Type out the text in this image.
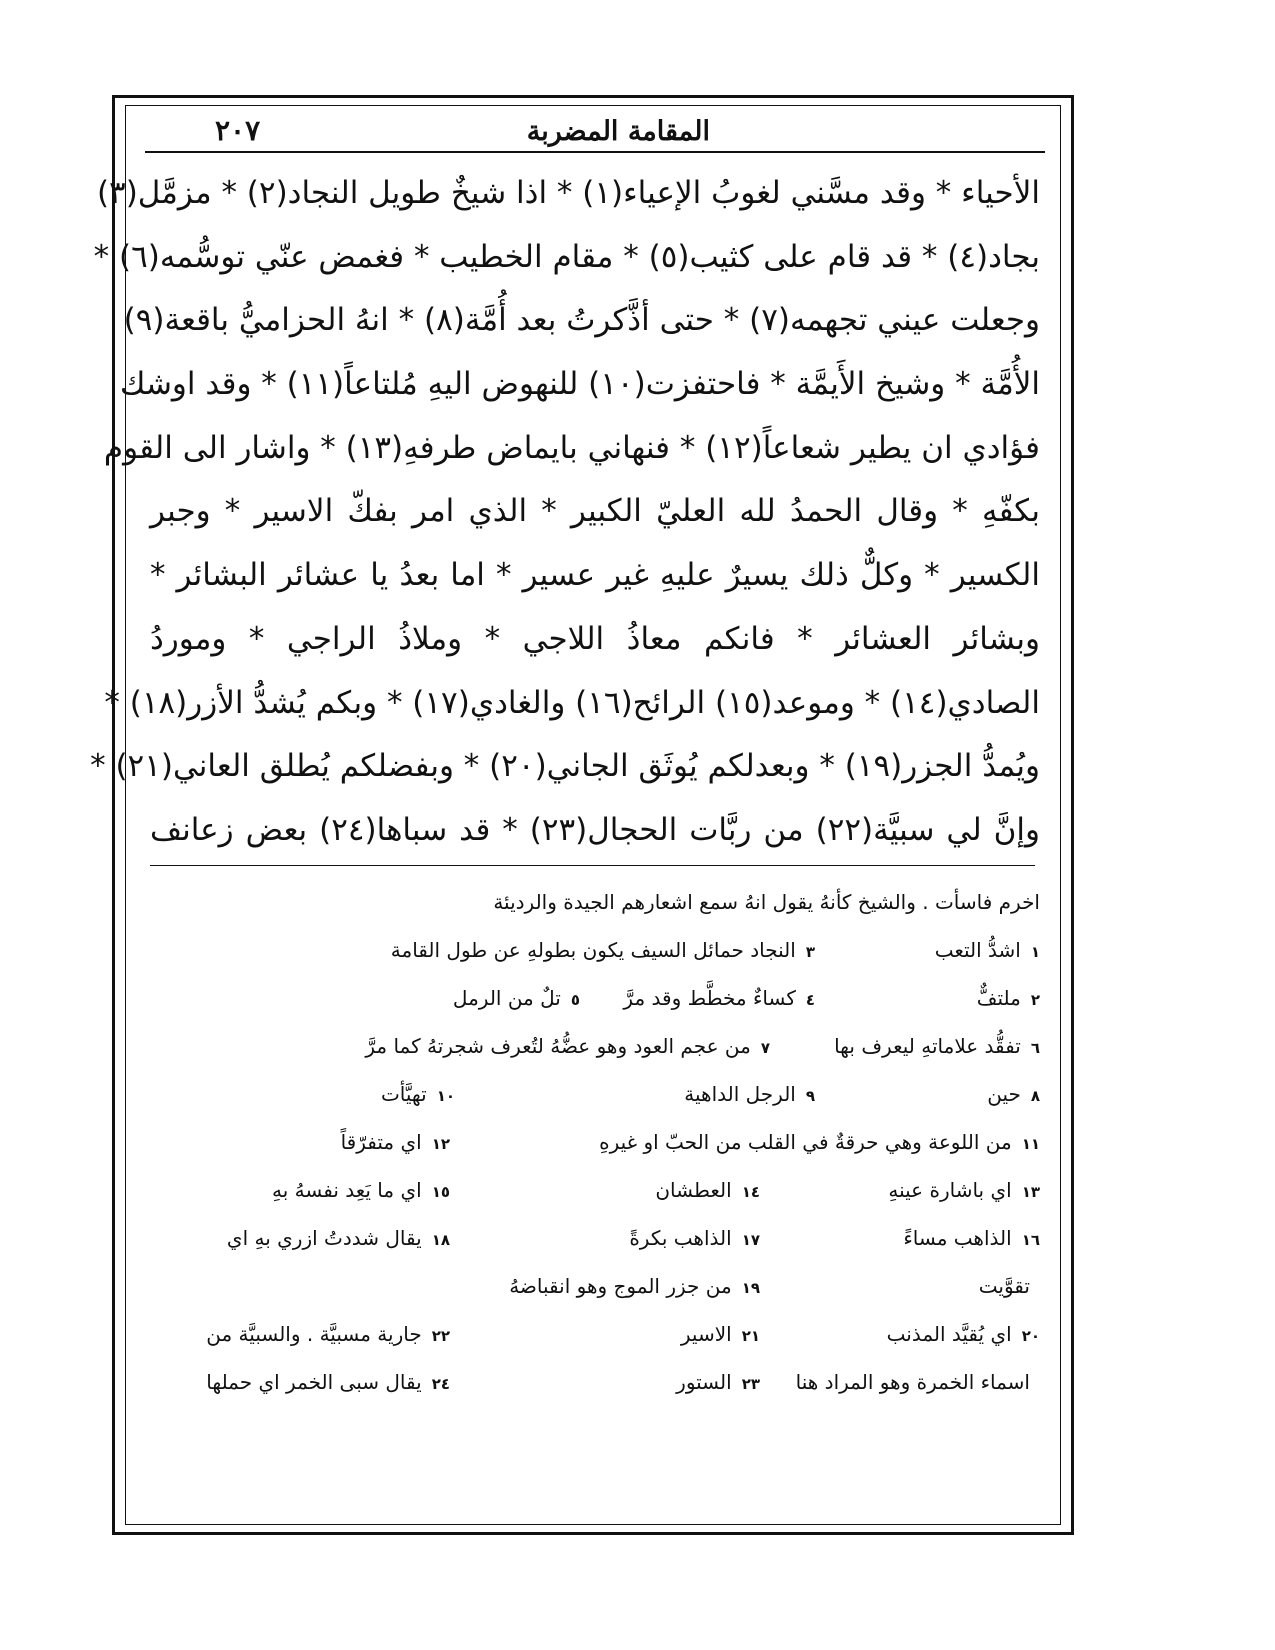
المقامة المضربة
٢٠٧
الأحياء * وقد مسَّني لغوبُ الإعياء(١) * اذا شيخٌ طويل النجاد(٢) * مزمَّل(٣)
بجاد(٤) * قد قام على كثيب(٥) * مقام الخطيب * فغمض عنّي توسُّمه(٦) *
وجعلت عيني تجهمه(٧) * حتى أذَّكرتُ بعد أُمَّة(٨) * انهُ الحزاميُّ باقعة(٩)
الأُمَّة * وشيخ الأَيمَّة * فاحتفزت(١٠) للنهوض اليهِ مُلتاعاً(١١) * وقد اوشك
فؤادي ان يطير شعاعاً(١٢) * فنهاني بايماض طرفهِ(١٣) * واشار الى القوم
بكفّهِ * وقال الحمدُ لله العليّ الكبير * الذي امر بفكّ الاسير * وجبر
الكسير * وكلٌّ ذلك يسيرٌ عليهِ غير عسير * اما بعدُ يا عشائر البشائر *
وبشائر العشائر * فانكم معاذُ اللاجي * وملاذُ الراجي * وموردُ
الصادي(١٤) * وموعد(١٥) الرائح(١٦) والغادي(١٧) * وبكم يُشدُّ الأزر(١٨) *
ويُمدُّ الجزر(١٩) * وبعدلكم يُوثَق الجاني(٢٠) * وبفضلكم يُطلق العاني(٢١) *
وإنَّ لي سبيَّة(٢٢) من ربَّات الحجال(٢٣) * قد سباها(٢٤) بعض زعانف
اخرم فاسأت . والشيخ كأنهُ يقول انهُ سمع اشعارهم الجيدة والرديئة
١اشدُّ التعب
٣النجاد حمائل السيف يكون بطولهِ عن طول القامة
٢ملتفٌّ
٤كساءٌ مخطَّط وقد مرَّ
٥تلٌ من الرمل
٦تفقُّد علاماتهِ ليعرف بها
٧من عجم العود وهو عضُّهُ لتُعرف شجرتهُ كما مرَّ
٨حين
٩الرجل الداهية
١٠تهيَّأت
١١من اللوعة وهي حرقةٌ في القلب من الحبّ او غيرهِ
١٢اي متفرّقاً
١٣اي باشارة عينهِ
١٤العطشان
١٥اي ما يَعِد نفسهُ بهِ
١٦الذاهب مساءً
١٧الذاهب بكرةً
١٨يقال شددتُ ازري بهِ اي
تقوَّيت
١٩من جزر الموج وهو انقباضهُ
٢٠اي يُقيَّد المذنب
٢١الاسير
٢٢جارية مسبيَّة . والسبيَّة من
اسماء الخمرة وهو المراد هنا
٢٣الستور
٢٤يقال سبى الخمر اي حملها
